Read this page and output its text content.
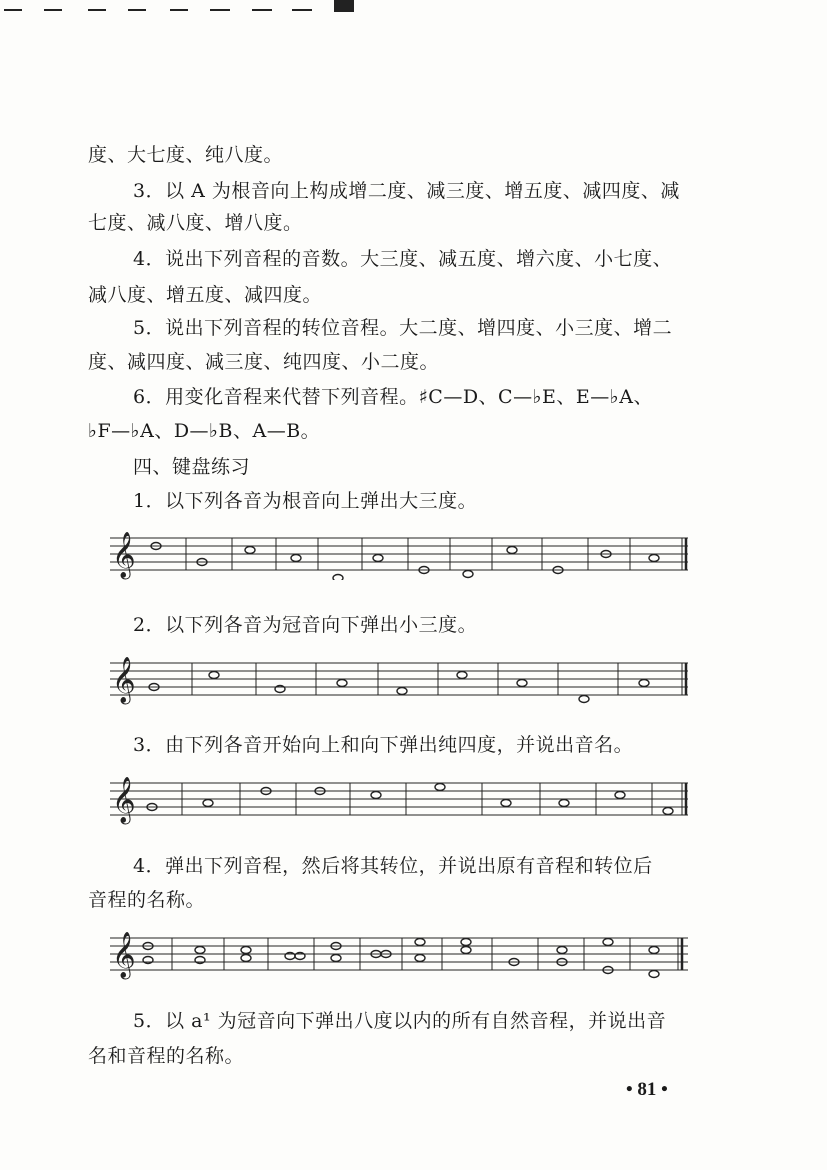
度、大七度、纯八度。
3．以 A 为根音向上构成增二度、减三度、增五度、减四度、减
七度、减八度、增八度。
4．说出下列音程的音数。大三度、减五度、增六度、小七度、
减八度、增五度、减四度。
5．说出下列音程的转位音程。大二度、增四度、小三度、增二
度、减四度、减三度、纯四度、小二度。
6．用变化音程来代替下列音程。♯C—D、C—♭E、E—♭A、
♭F—♭A、D—♭B、A—B。
四、键盘练习
1．以下列各音为根音向上弹出大三度。
𝄞
2．以下列各音为冠音向下弹出小三度。
𝄞
3．由下列各音开始向上和向下弹出纯四度，并说出音名。
𝄞
4．弹出下列音程，然后将其转位，并说出原有音程和转位后
音程的名称。
𝄞
5．以 a¹ 为冠音向下弹出八度以内的所有自然音程，并说出音
名和音程的名称。
• 81 •
